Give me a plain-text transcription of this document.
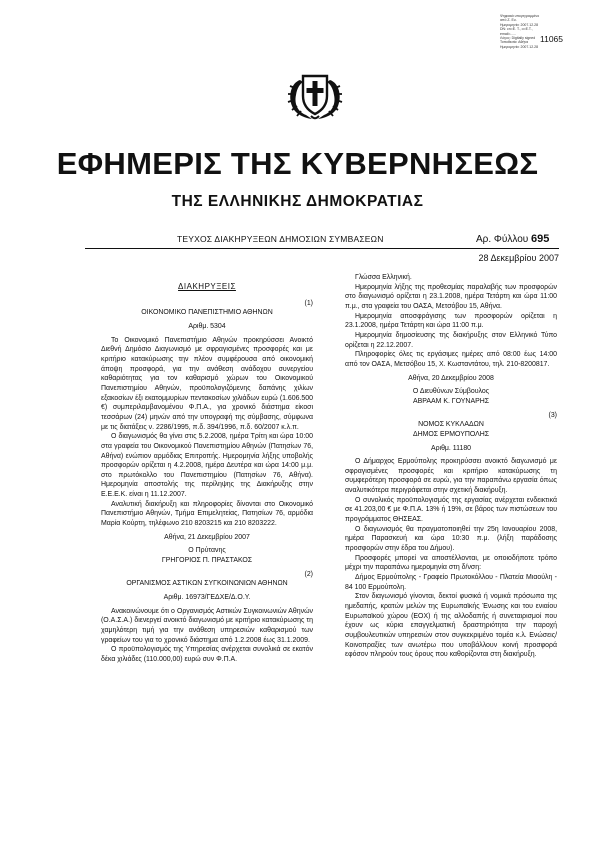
Ψηφιακά υπογεγραμμένο
από Ζ. Ευ.
Ημερομηνία: 2007.12.28
DN: cn=Ε. Τ., o=Ε.Τ.,
email=......
Λόγος: Digitally signed
Τοποθεσία: Αθήνα
Ημερομηνία: 2007.12.28
11065
ΕΦΗΜΕΡΙΣ ΤΗΣ ΚΥΒΕΡΝΗΣΕΩΣ
ΤΗΣ ΕΛΛΗΝΙΚΗΣ ΔΗΜΟΚΡΑΤΙΑΣ
ΤΕΥΧΟΣ ΔΙΑΚΗΡΥΞΕΩΝ ΔΗΜΟΣΙΩΝ ΣΥΜΒΑΣΕΩΝ	Αρ. Φύλλου 695
28 Δεκεμβρίου 2007

ΔΙΑΚΗΡΥΞΕΙΣ

(1)

ΟΙΚΟΝΟΜΙΚΟ ΠΑΝΕΠΙΣΤΗΜΙΟ ΑΘΗΝΩΝ

Αριθμ. 5304

Το Οικονομικό Πανεπιστήμιο Αθηνών προκηρύσσει Ανοικτό Διεθνή Δημόσιο Διαγωνισμό με σφραγισμένες προσφορές και με κριτήριο κατακύρωσης την πλέον συμφέρουσα από οικονομική άποψη προσφορά, για την ανάθεση ανάδοχου συνεργείου καθαριότητας για τον καθαρισμό χώρων του Οικονομικού Πανεπιστημίου Αθηνών, προϋπολογιζόμενης δαπάνης χιλίων εξακοσίων έξι εκατομμυρίων πεντακοσίων χιλιάδων ευρώ (1.606.500 €) συμπεριλαμβανομένου Φ.Π.Α., για χρονικό διάστημα είκοσι τεσσάρων (24) μηνών από την υπογραφή της σύμβασης, σύμφωνα με τις διατάξεις ν. 2286/1995, π.δ. 394/1996, π.δ. 60/2007 κ.λ.π.

Ο διαγωνισμός θα γίνει στις 5.2.2008, ημέρα Τρίτη και ώρα 10:00 στα γραφεία του Οικονομικού Πανεπιστημίου Αθηνών (Πατησίων 76, Αθήνα) ενώπιον αρμόδιας Επιτροπής. Ημερομηνία λήξης υποβολής προσφορών ορίζεται η 4.2.2008, ημέρα Δευτέρα και ώρα 14:00 μ.μ. στο πρωτόκολλο του Πανεπιστημίου (Πατησίων 76, Αθήνα). Ημερομηνία αποστολής της περίληψης της Διακήρυξης στην Ε.Ε.Ε.Κ. είναι η 11.12.2007.

Αναλυτική διακήρυξη και πληροφορίες δίνονται στο Οικονομικό Πανεπιστήμιο Αθηνών, Τμήμα Επιμελητείας, Πατησίων 76, αρμόδια Μαρία Κούρτη, τηλέφωνο 210 8203215 και 210 8203222.

Αθήνα, 21 Δεκεμβρίου 2007

Ο Πρύτανης

ΓΡΗΓΟΡΙΟΣ Π. ΠΡΑΣΤΑΚΟΣ

(2)

ΟΡΓΑΝΙΣΜΟΣ ΑΣΤΙΚΩΝ ΣΥΓΚΟΙΝΩΝΙΩΝ ΑΘΗΝΩΝ

Αριθμ. 16973/ΓΕΔΧΕ/Δ.Ο.Υ.

Ανακοινώνουμε ότι ο Οργανισμός Αστικών Συγκοινωνιών Αθηνών (Ο.Α.Σ.Α.) διενεργεί ανοικτό διαγωνισμό με κριτήριο κατακύρωσης τη χαμηλότερη τιμή για την ανάθεση υπηρεσιών καθαρισμού των γραφείων του για το χρονικό διάστημα από 1.2.2008 έως 31.1.2009.

Ο προϋπολογισμός της Υπηρεσίας ανέρχεται συνολικά σε εκατόν δέκα χιλιάδες (110.000,00) ευρώ συν Φ.Π.Α.

Γλώσσα Ελληνική.

Ημερομηνία λήξης της προθεσμίας παραλαβής των προσφορών στο διαγωνισμό ορίζεται η 23.1.2008, ημέρα Τετάρτη και ώρα 11:00 π.μ., στα γραφεία του ΟΑΣΑ, Μετσόβου 15, Αθήνα.

Ημερομηνία αποσφράγισης των προσφορών ορίζεται η 23.1.2008, ημέρα Τετάρτη και ώρα 11:00 π.μ.

Ημερομηνία δημοσίευσης της διακήρυξης στον Ελληνικό Τύπο ορίζεται η 22.12.2007.

Πληροφορίες όλες τις εργάσιμες ημέρες από 08:00 έως 14:00 από τον ΟΑΣΑ, Μετσόβου 15, Χ. Κωσταντάτου, τηλ. 210-8200817.

Αθήνα, 20 Δεκεμβρίου 2008

Ο Διευθύνων Σύμβουλος

ΑΒΡΑΑΜ Κ. ΓΟΥΝΑΡΗΣ

(3)

ΝΟΜΟΣ ΚΥΚΛΑΔΩΝ

ΔΗΜΟΣ ΕΡΜΟΥΠΟΛΗΣ

Αριθμ. 11180

Ο Δήμαρχος Ερμούπολης προκηρύσσει ανοικτό διαγωνισμό με σφραγισμένες προσφορές και κριτήριο κατακύρωσης τη συμφερότερη προσφορά σε ευρώ, για την παραπάνω εργασία όπως αναλυτικότερα περιγράφεται στην σχετική διακήρυξη.

Ο συνολικός προϋπολογισμός της εργασίας ανέρχεται ενδεικτικά σε 41.203,00 € με Φ.Π.Α. 13% ή 19%, σε βάρος των πιστώσεων του προγράμματος ΘΗΣΕΑΣ.

Ο διαγωνισμός θα πραγματοποιηθεί την 25η Ιανουαρίου 2008, ημέρα Παρασκευή και ώρα 10:30 π.μ. (λήξη παράδοσης προσφορών στην έδρα του Δήμου).

Προσφορές μπορεί να αποστέλλονται, με οποιοδήποτε τρόπο μέχρι την παραπάνω ημερομηνία στη δ/νση:

Δήμος Ερμούπολης - Γραφείο Πρωτοκόλλου - Πλατεία Μιαούλη - 84 100 Ερμούπολη.

Στον διαγωνισμό γίνονται, δεκτοί φυσικά ή νομικά πρόσωπα της ημεδαπής, κρατών μελών της Ευρωπαϊκής Ένωσης και του ενιαίου Ευρωπαϊκού χώρου (ΕΟΧ) ή της αλλοδαπής ή συνεταιρισμοί που έχουν ως κύρια επαγγελματική δραστηριότητα την παροχή συμβουλευτικών υπηρεσιών στον συγκεκριμένο τομέα κ.λ. Ενώσεις/Κοινοπραξίες των ανωτέρω που υποβάλλουν κοινή προσφορά εφόσον πληρούν τους όρους που καθορίζονται στη διακήρυξη.
